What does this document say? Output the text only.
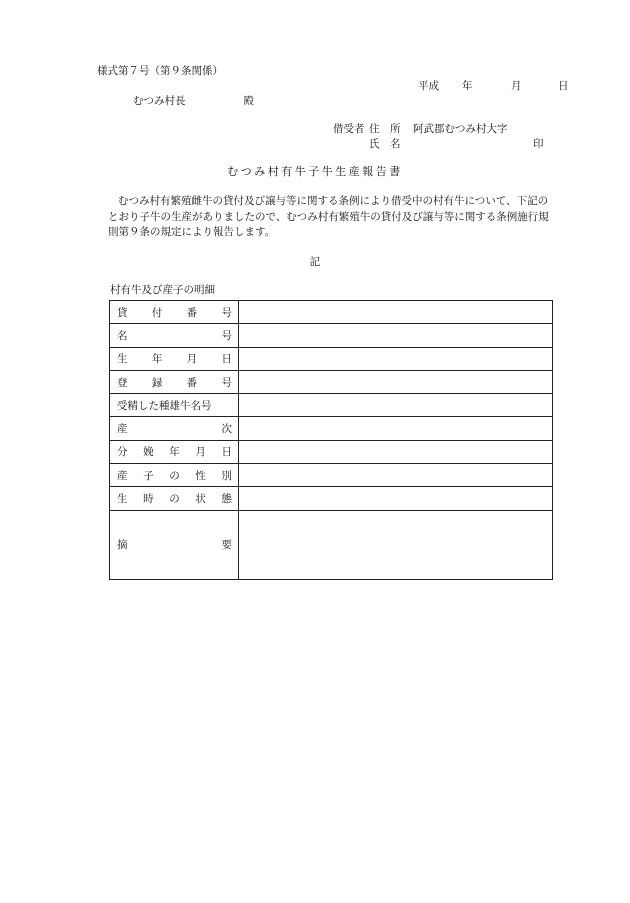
様式第７号（第９条関係）
平成 年	月	日
むつみ村長	殿
借受者 住　所 阿武郡むつみ村大字
氏　名	印
むつみ村有牛子牛生産報告書
むつみ村有繁殖雌牛の貸付及び譲与等に関する条例により借受中の村有牛について、下記のとおり子牛の生産がありましたので、むつみ村有繁殖牛の貸付及び譲与等に関する条例施行規則第９条の規定により報告します。
記
村有牛及び産子の明細
貸 付 番 号	

名 号	

生 年 月 日	

登 録 番 号	

受精した種雄牛名号	

産 次	

分 娩 年 月 日	

産 子 の 性 別	

生 時 の 状 態	

摘 要	
